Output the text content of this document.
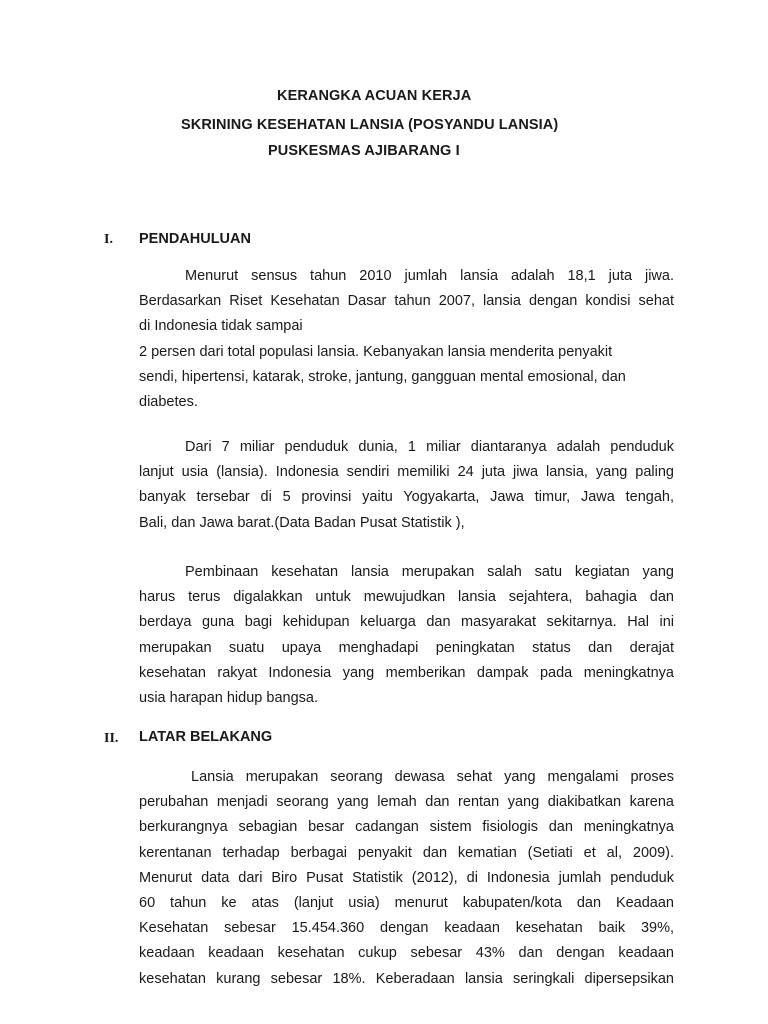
KERANGKA ACUAN KERJA
SKRINING KESEHATAN LANSIA (POSYANDU LANSIA)
PUSKESMAS AJIBARANG I
I. PENDAHULUAN
Menurut sensus tahun 2010 jumlah lansia adalah 18,1 juta jiwa.
Berdasarkan Riset Kesehatan Dasar tahun 2007, lansia dengan kondisi sehat
di Indonesia tidak sampai
2 persen dari total populasi lansia. Kebanyakan lansia menderita penyakit
sendi, hipertensi, katarak, stroke, jantung, gangguan mental emosional, dan
diabetes.
Dari 7 miliar penduduk dunia, 1 miliar diantaranya adalah penduduk
lanjut usia (lansia). Indonesia sendiri memiliki 24 juta jiwa lansia, yang paling
banyak tersebar di 5 provinsi yaitu Yogyakarta, Jawa timur, Jawa tengah,
Bali, dan Jawa barat.(Data Badan Pusat Statistik ),
Pembinaan kesehatan lansia merupakan salah satu kegiatan yang
harus terus digalakkan untuk mewujudkan lansia sejahtera, bahagia dan
berdaya guna bagi kehidupan keluarga dan masyarakat sekitarnya. Hal ini
merupakan suatu upaya menghadapi peningkatan status dan derajat
kesehatan rakyat Indonesia yang memberikan dampak pada meningkatnya
usia harapan hidup bangsa.
II. LATAR BELAKANG
Lansia merupakan seorang dewasa sehat yang mengalami proses
perubahan menjadi seorang yang lemah dan rentan yang diakibatkan karena
berkurangnya sebagian besar cadangan sistem fisiologis dan meningkatnya
kerentanan terhadap berbagai penyakit dan kematian (Setiati et al, 2009).
Menurut data dari Biro Pusat Statistik (2012), di Indonesia jumlah penduduk
60 tahun ke atas (lanjut usia) menurut kabupaten/kota dan Keadaan
Kesehatan sebesar 15.454.360 dengan keadaan kesehatan baik 39%,
keadaan keadaan kesehatan cukup sebesar 43% dan dengan keadaan
kesehatan kurang sebesar 18%. Keberadaan lansia seringkali dipersepsikan
